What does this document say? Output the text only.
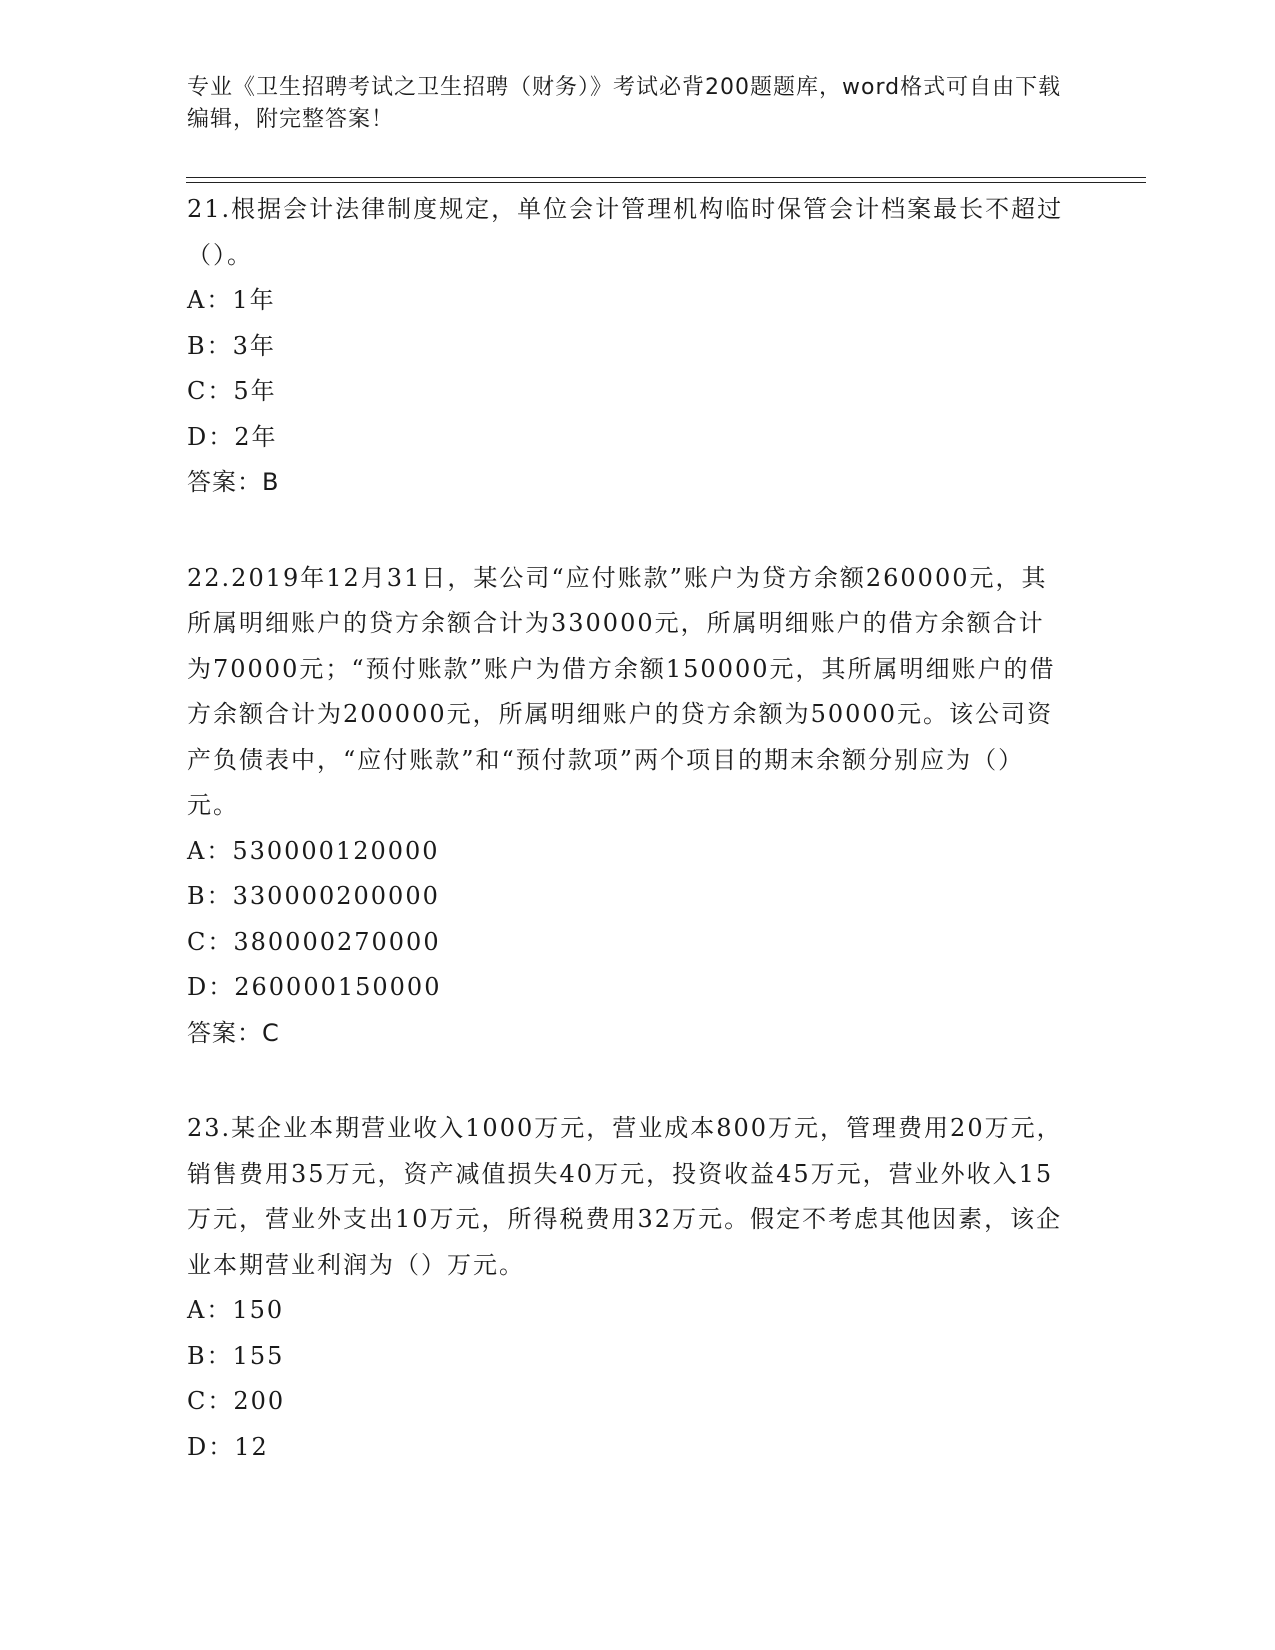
专业《卫生招聘考试之卫生招聘（财务）》考试必背200题题库，word格式可自由下载编辑，附完整答案！

21.根据会计法律制度规定，单位会计管理机构临时保管会计档案最长不超过（）。

A：1年

B：3年

C：5年

D：2年

答案：B

22.2019年12月31日，某公司“应付账款”账户为贷方余额260000元，其所属明细账户的贷方余额合计为330000元，所属明细账户的借方余额合计为70000元；“预付账款”账户为借方余额150000元，其所属明细账户的借方余额合计为200000元，所属明细账户的贷方余额为50000元。该公司资产负债表中，“应付账款”和“预付款项”两个项目的期末余额分别应为（）元。

A：530000120000

B：330000200000

C：380000270000

D：260000150000

答案：C

23.某企业本期营业收入1000万元，营业成本800万元，管理费用20万元，销售费用35万元，资产减值损失40万元，投资收益45万元，营业外收入15万元，营业外支出10万元，所得税费用32万元。假定不考虑其他因素，该企业本期营业利润为（）万元。

A：150

B：155

C：200

D：12
